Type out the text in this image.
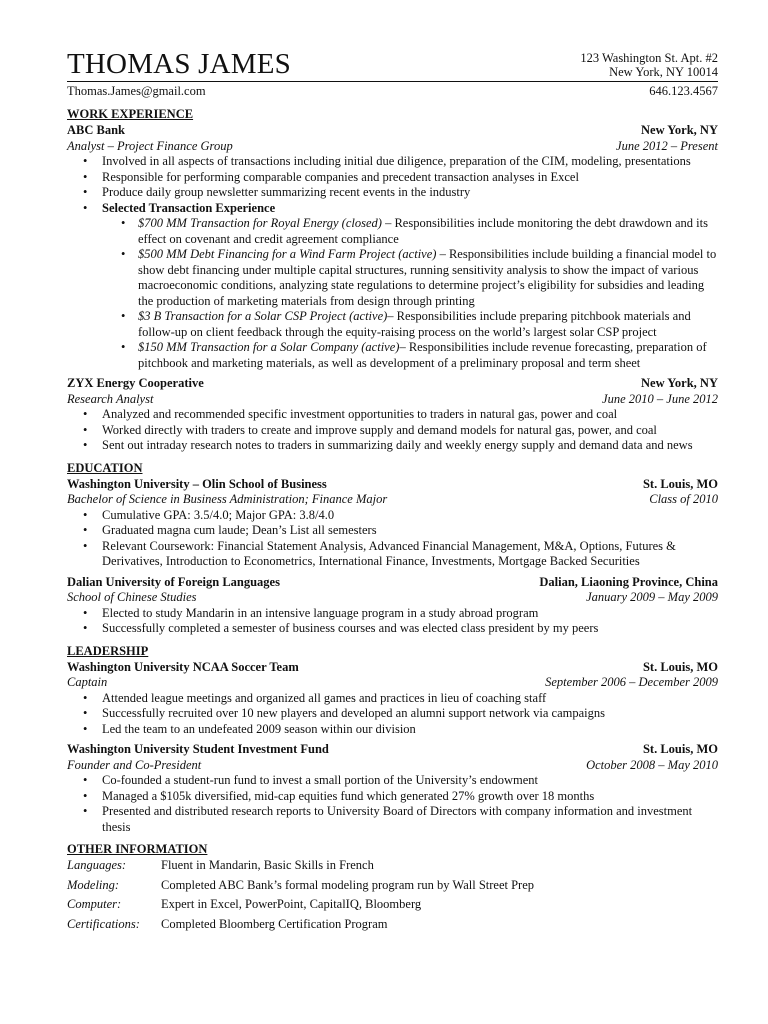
THOMAS JAMES	123 Washington St. Apt. #2
New York, NY 10014
Thomas.James@gmail.com	646.123.4567
WORK EXPERIENCE
ABC Bank	New York, NY
Analyst – Project Finance Group	June 2012 – Present
• Involved in all aspects of transactions including initial due diligence, preparation of the CIM, modeling, presentations
• Responsible for performing comparable companies and precedent transaction analyses in Excel
• Produce daily group newsletter summarizing recent events in the industry
• Selected Transaction Experience
• $700 MM Transaction for Royal Energy (closed) – Responsibilities include monitoring the debt drawdown and its effect on covenant and credit agreement compliance
• $500 MM Debt Financing for a Wind Farm Project (active) – Responsibilities include building a financial model to show debt financing under multiple capital structures, running sensitivity analysis to show the impact of various macroeconomic conditions, analyzing state regulations to determine project’s eligibility for subsidies and leading the production of marketing materials from design through printing
• $3 B Transaction for a Solar CSP Project (active)– Responsibilities include preparing pitchbook materials and follow-up on client feedback through the equity-raising process on the world’s largest solar CSP project
• $150 MM Transaction for a Solar Company (active)– Responsibilities include revenue forecasting, preparation of pitchbook and marketing materials, as well as development of a preliminary proposal and term sheet
ZYX Energy Cooperative	New York, NY
Research Analyst	June 2010 – June 2012
• Analyzed and recommended specific investment opportunities to traders in natural gas, power and coal
• Worked directly with traders to create and improve supply and demand models for natural gas, power, and coal
• Sent out intraday research notes to traders in summarizing daily and weekly energy supply and demand data and news
EDUCATION
Washington University – Olin School of Business	St. Louis, MO
Bachelor of Science in Business Administration; Finance Major	Class of 2010
• Cumulative GPA: 3.5/4.0; Major GPA: 3.8/4.0
• Graduated magna cum laude; Dean’s List all semesters
• Relevant Coursework: Financial Statement Analysis, Advanced Financial Management, M&A, Options, Futures & Derivatives, Introduction to Econometrics, International Finance, Investments, Mortgage Backed Securities
Dalian University of Foreign Languages	Dalian, Liaoning Province, China
School of Chinese Studies	January 2009 – May 2009
• Elected to study Mandarin in an intensive language program in a study abroad program
• Successfully completed a semester of business courses and was elected class president by my peers
LEADERSHIP
Washington University NCAA Soccer Team	St. Louis, MO
Captain	September 2006 – December 2009
• Attended league meetings and organized all games and practices in lieu of coaching staff
• Successfully recruited over 10 new players and developed an alumni support network via campaigns
• Led the team to an undefeated 2009 season within our division
Washington University Student Investment Fund	St. Louis, MO
Founder and Co-President	October 2008 – May 2010
• Co-founded a student-run fund to invest a small portion of the University’s endowment
• Managed a $105k diversified, mid-cap equities fund which generated 27% growth over 18 months
• Presented and distributed research reports to University Board of Directors with company information and investment thesis
OTHER INFORMATION
Languages:	Fluent in Mandarin, Basic Skills in French
Modeling:	Completed ABC Bank’s formal modeling program run by Wall Street Prep
Computer:	Expert in Excel, PowerPoint, CapitalIQ, Bloomberg
Certifications:	Completed Bloomberg Certification Program
